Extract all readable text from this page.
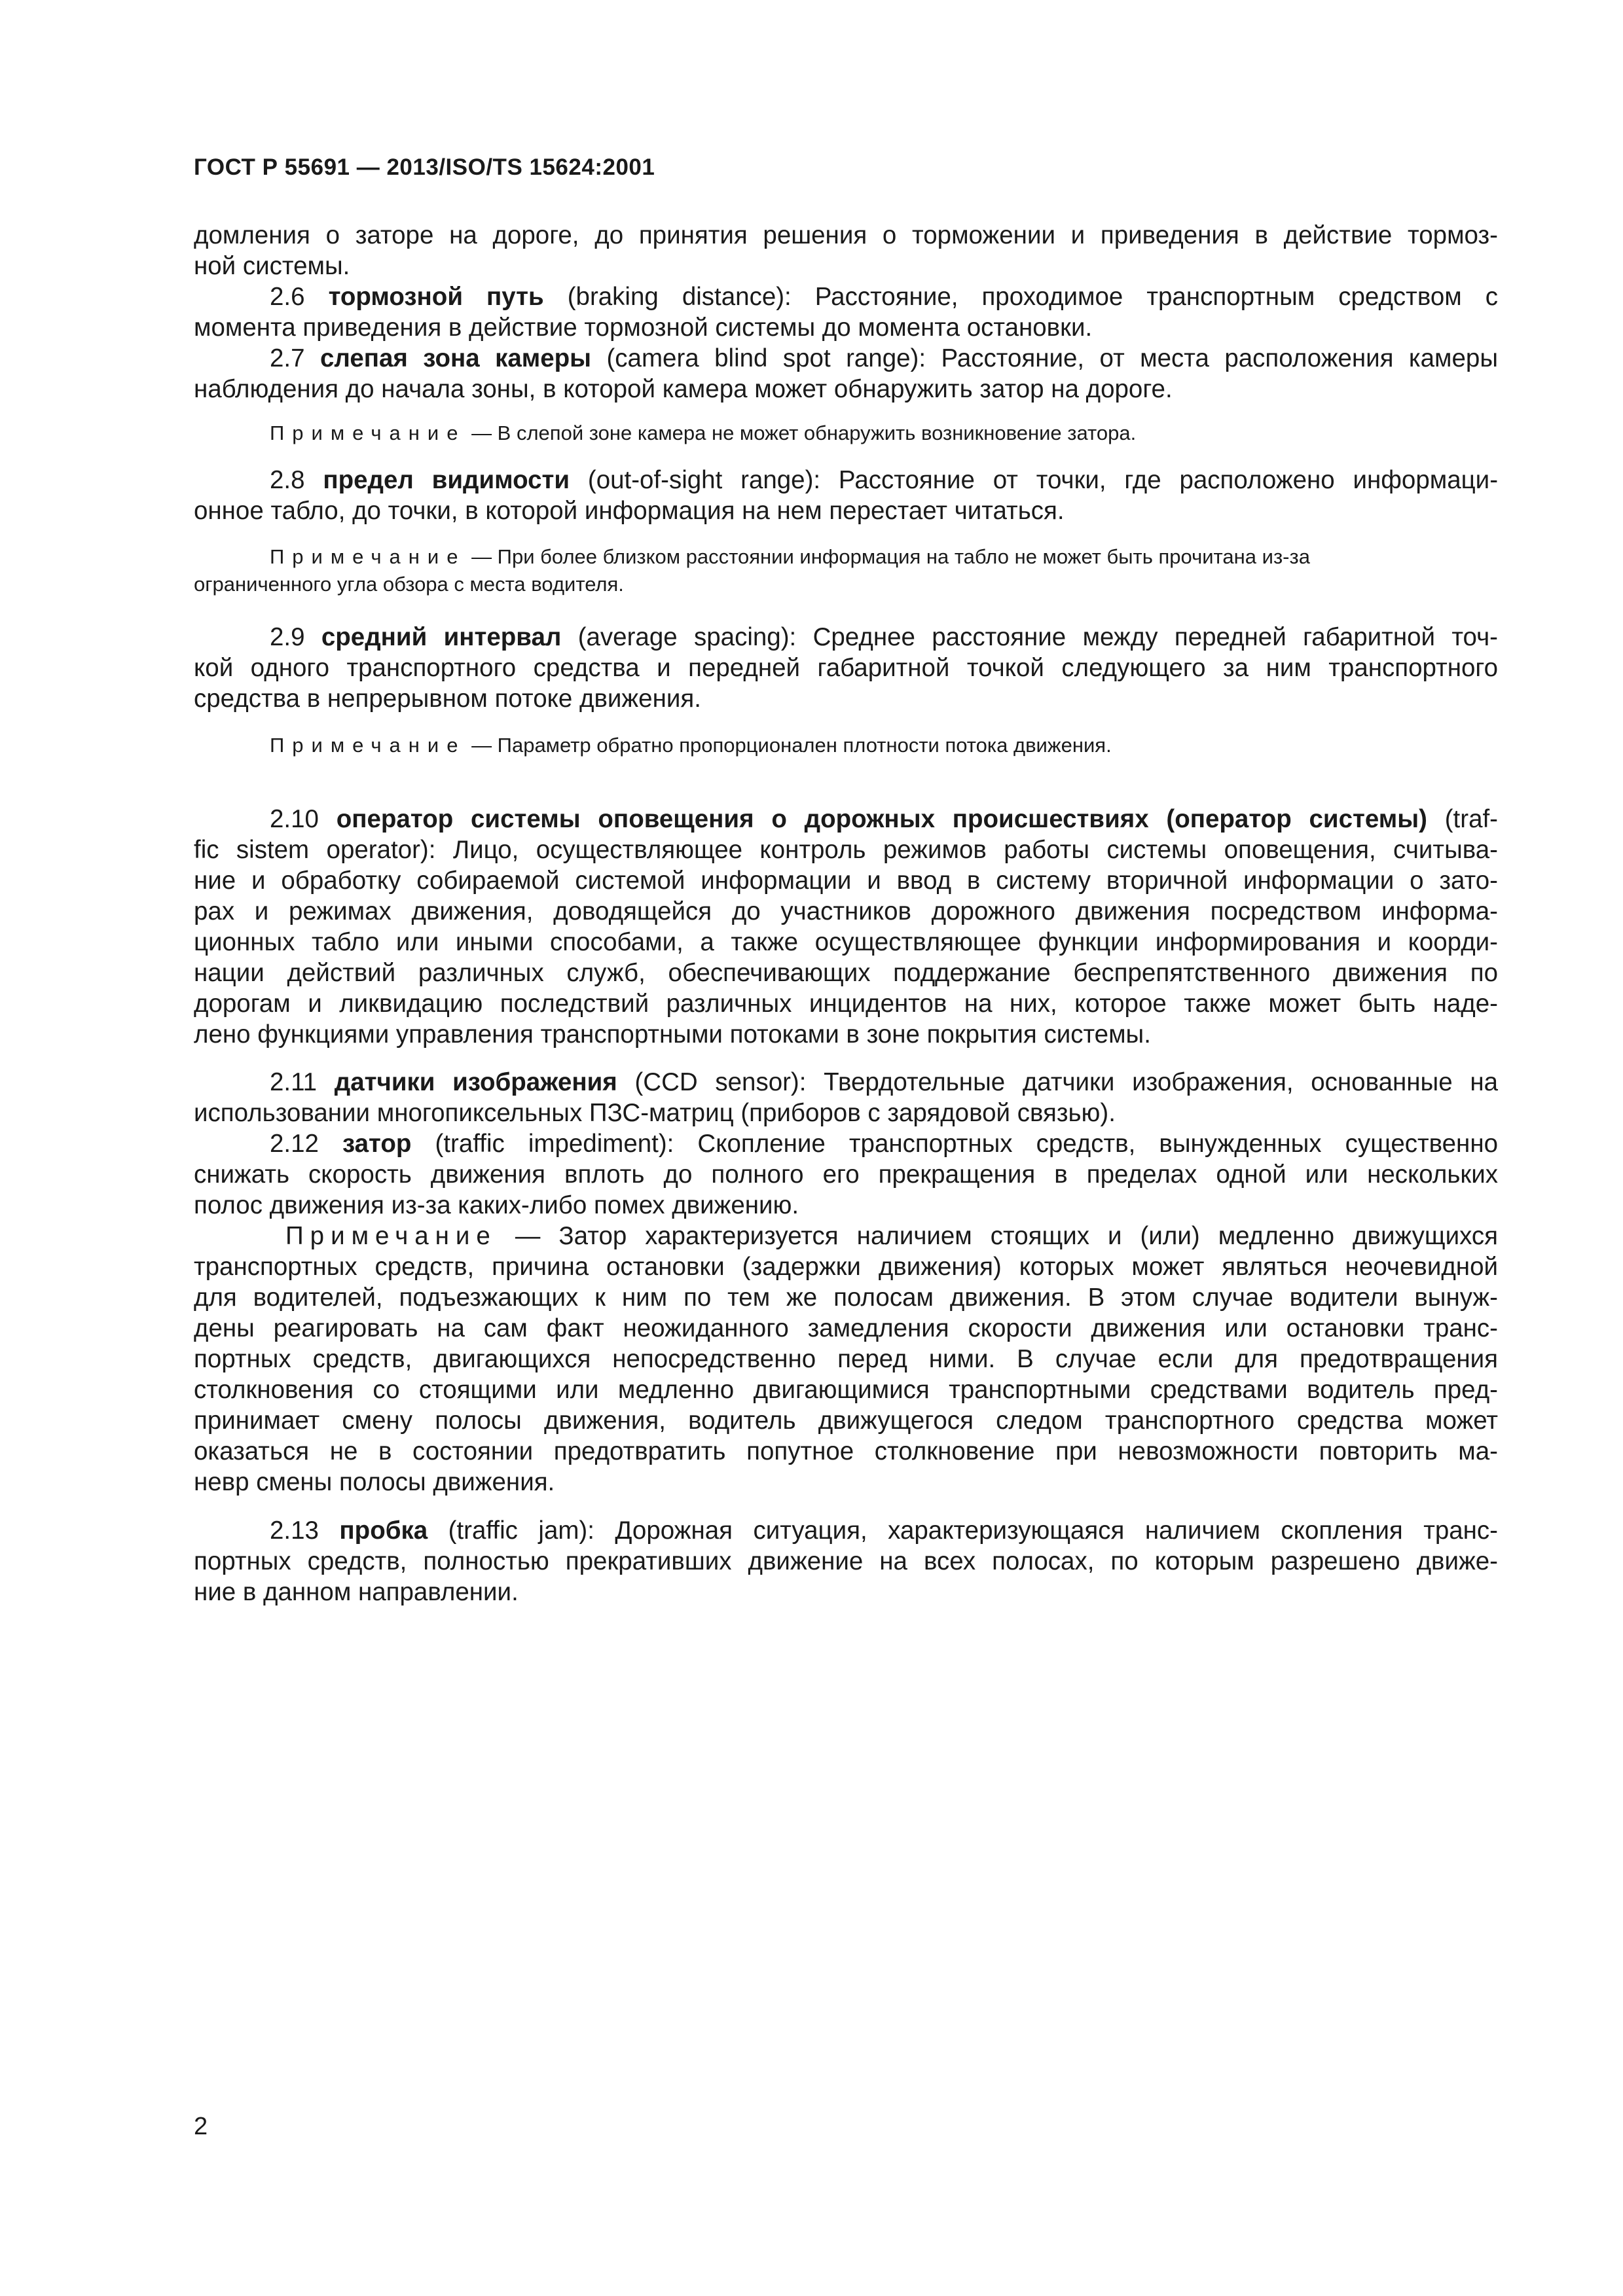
ГОСТ Р 55691 — 2013/ISO/TS 15624:2001
домления о заторе на дороге, до принятия решения о торможении и приведения в действие тормоз-
ной системы.
2.6 тормозной путь (braking distance): Расстояние, проходимое транспортным средством с
момента приведения в действие тормозной системы до момента остановки.
2.7 слепая зона камеры (camera blind spot range): Расстояние, от места расположения камеры
наблюдения до начала зоны, в которой камера может обнаружить затор на дороге.
Примечание — В слепой зоне камера не может обнаружить возникновение затора.
2.8 предел видимости (out-of-sight range): Расстояние от точки, где расположено информаци-
онное табло, до точки, в которой информация на нем перестает читаться.
Примечание — При более близком расстоянии информация на табло не может быть прочитана из-за
ограниченного угла обзора с места водителя.
2.9 средний интервал (average spacing): Среднее расстояние между передней габаритной точ-
кой одного транспортного средства и передней габаритной точкой следующего за ним транспортного
средства в непрерывном потоке движения.
Примечание — Параметр обратно пропорционален плотности потока движения.
2.10 оператор системы оповещения о дорожных происшествиях (оператор системы) (traf-
fic sistem operator): Лицо, осуществляющее контроль режимов работы системы оповещения, считыва-
ние и обработку собираемой системой информации и ввод в систему вторичной информации о зато-
рах и режимах движения, доводящейся до участников дорожного движения посредством информа-
ционных табло или иными способами, а также осуществляющее функции информирования и коорди-
нации действий различных служб, обеспечивающих поддержание беспрепятственного движения по
дорогам и ликвидацию последствий различных инцидентов на них, которое также может быть наде-
лено функциями управления транспортными потоками в зоне покрытия системы.
2.11 датчики изображения (CCD sensor): Твердотельные датчики изображения, основанные на
использовании многопиксельных ПЗС-матриц (приборов с зарядовой связью).
2.12 затор (traffic impediment): Скопление транспортных средств, вынужденных существенно
снижать скорость движения вплоть до полного его прекращения в пределах одной или нескольких
полос движения из-за каких-либо помех движению.
Примечание — Затор характеризуется наличием стоящих и (или) медленно движущихся
транспортных средств, причина остановки (задержки движения) которых может являться неочевидной
для водителей, подъезжающих к ним по тем же полосам движения. В этом случае водители вынуж-
дены реагировать на сам факт неожиданного замедления скорости движения или остановки транс-
портных средств, двигающихся непосредственно перед ними. В случае если для предотвращения
столкновения со стоящими или медленно двигающимися транспортными средствами водитель пред-
принимает смену полосы движения, водитель движущегося следом транспортного средства может
оказаться не в состоянии предотвратить попутное столкновение при невозможности повторить ма-
невр смены полосы движения.
2.13 пробка (traffic jam): Дорожная ситуация, характеризующаяся наличием скопления транс-
портных средств, полностью прекративших движение на всех полосах, по которым разрешено движе-
ние в данном направлении.
2
